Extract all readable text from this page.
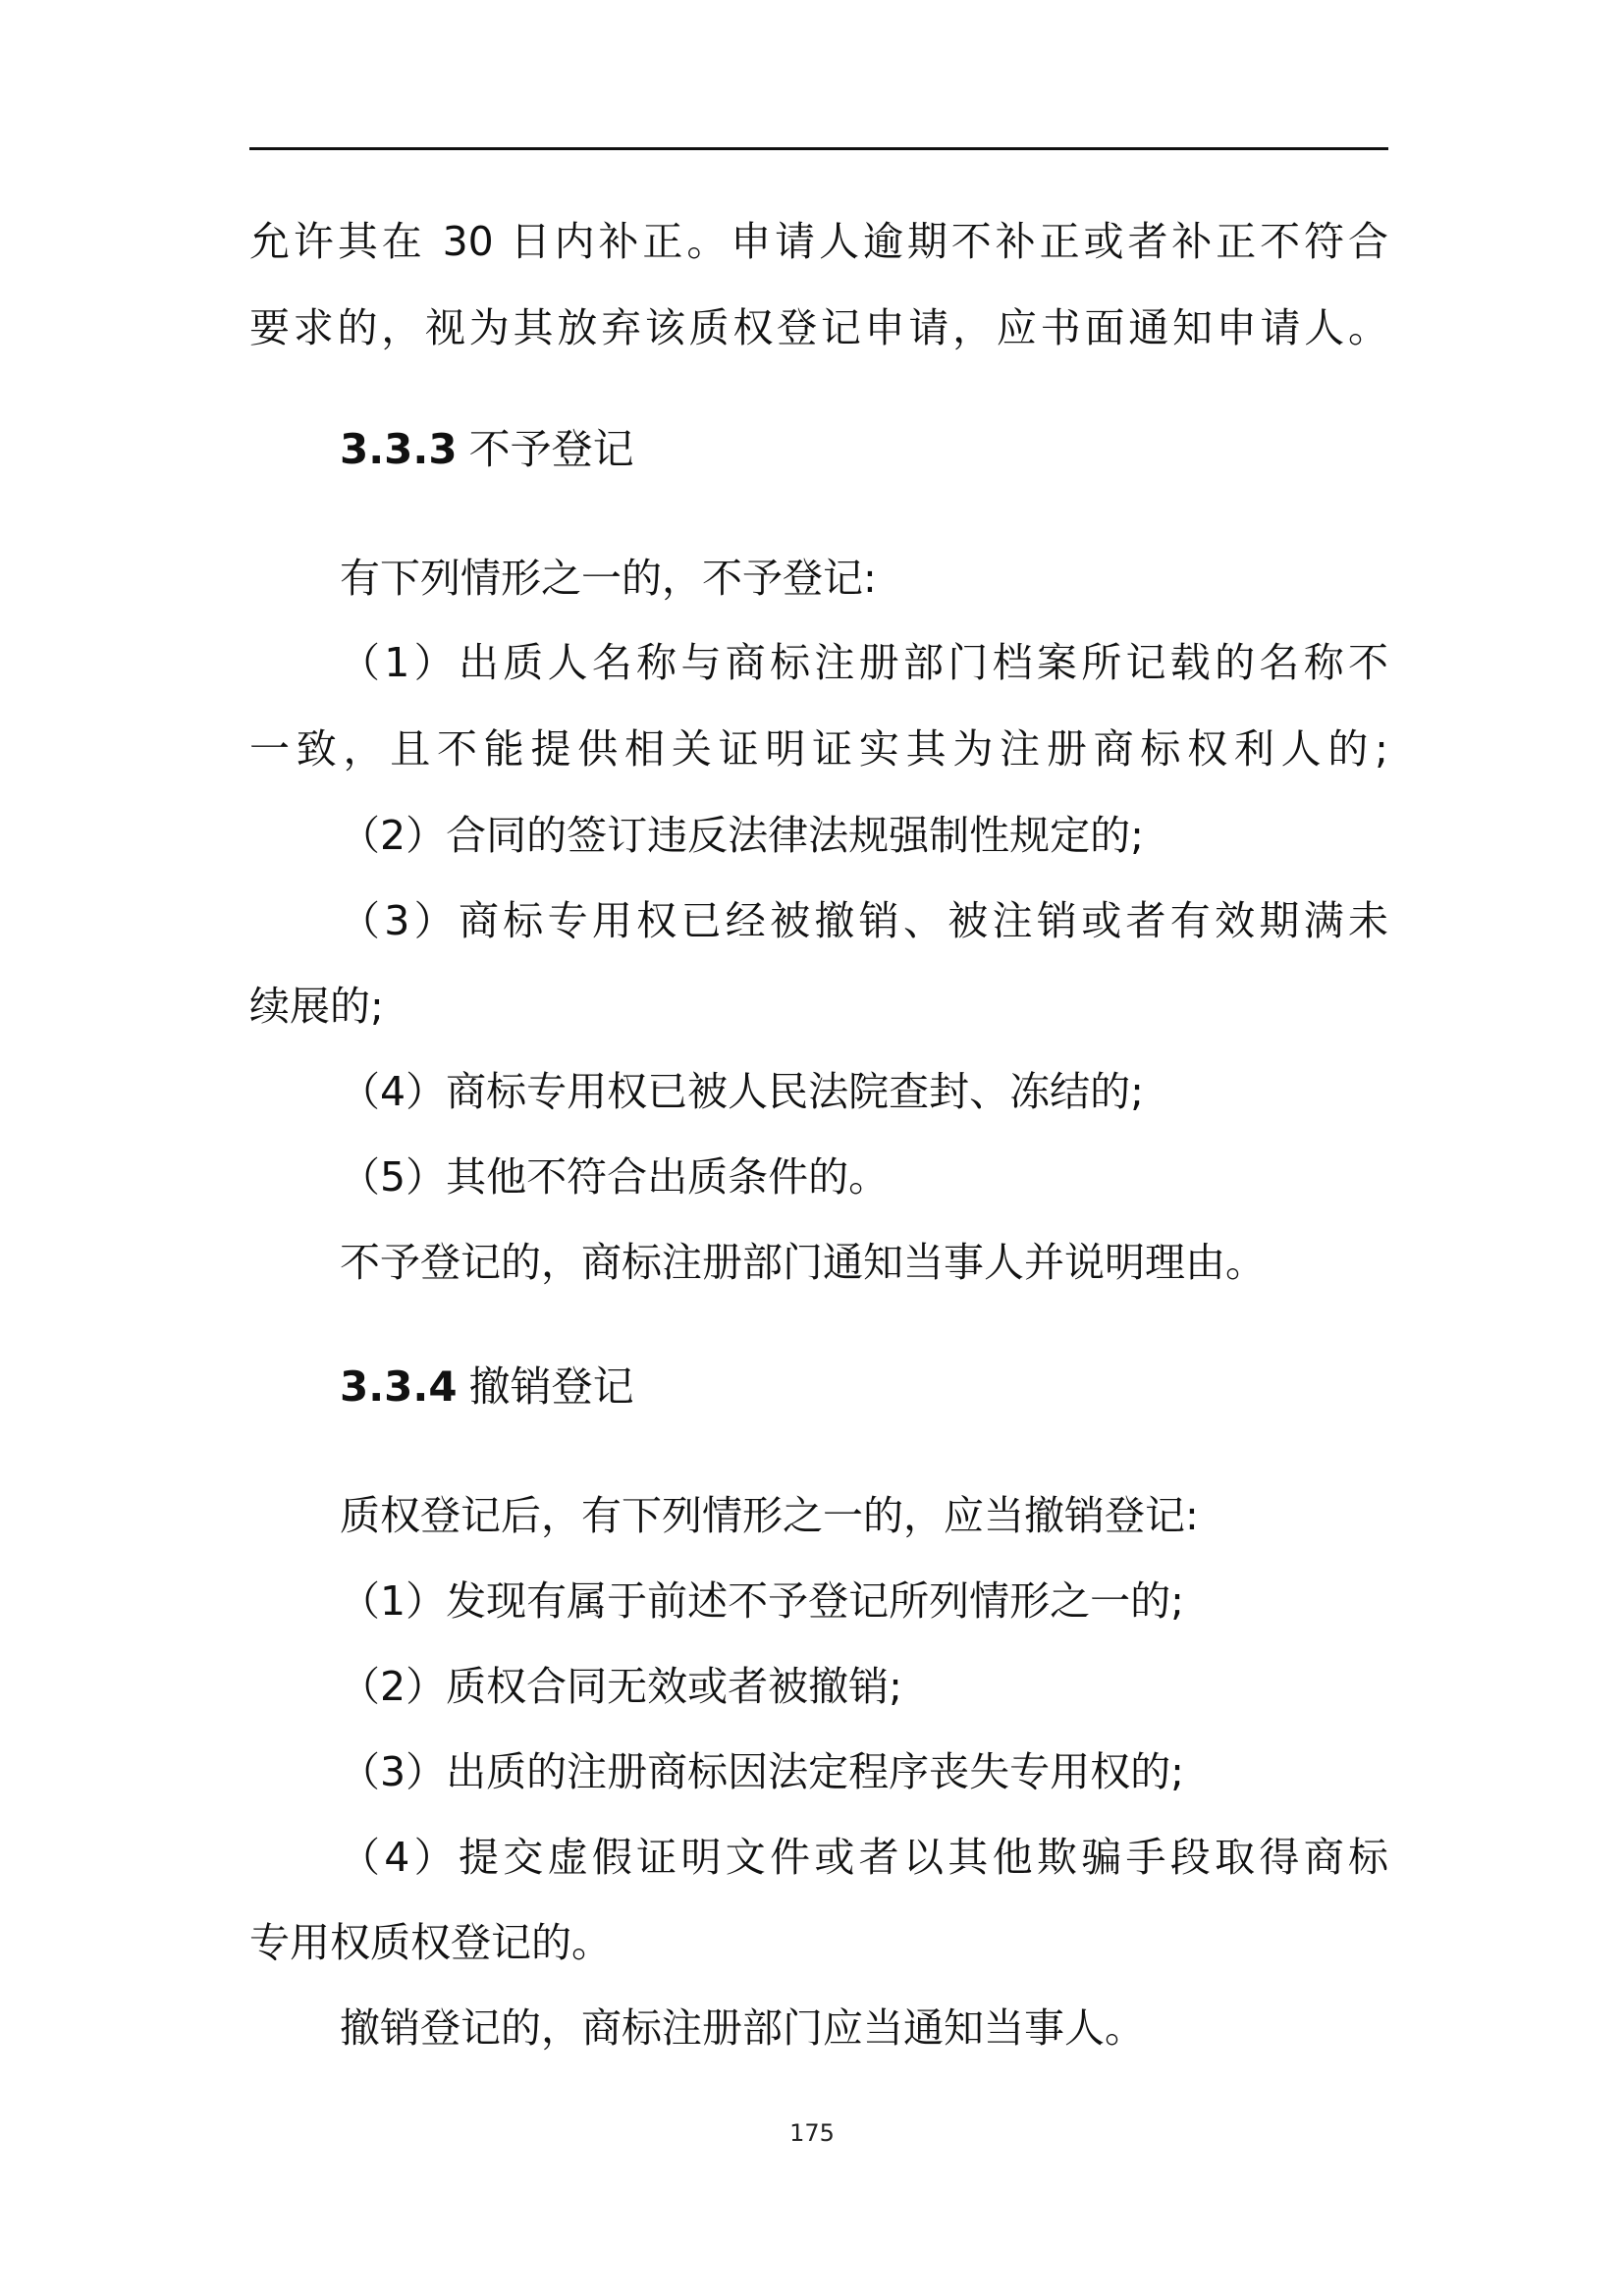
允许其在 30 日内补正。申请人逾期不补正或者补正不符合
要求的，视为其放弃该质权登记申请，应书面通知申请人。
3.3.3 不予登记
有下列情形之一的，不予登记:
（1）出质人名称与商标注册部门档案所记载的名称不
一致，且不能提供相关证明证实其为注册商标权利人的;
（2）合同的签订违反法律法规强制性规定的;
（3）商标专用权已经被撤销、被注销或者有效期满未
续展的;
（4）商标专用权已被人民法院查封、冻结的;
（5）其他不符合出质条件的。
不予登记的，商标注册部门通知当事人并说明理由。
3.3.4 撤销登记
质权登记后，有下列情形之一的，应当撤销登记:
（1）发现有属于前述不予登记所列情形之一的;
（2）质权合同无效或者被撤销;
（3）出质的注册商标因法定程序丧失专用权的;
（4）提交虚假证明文件或者以其他欺骗手段取得商标
专用权质权登记的。
撤销登记的，商标注册部门应当通知当事人。
175
